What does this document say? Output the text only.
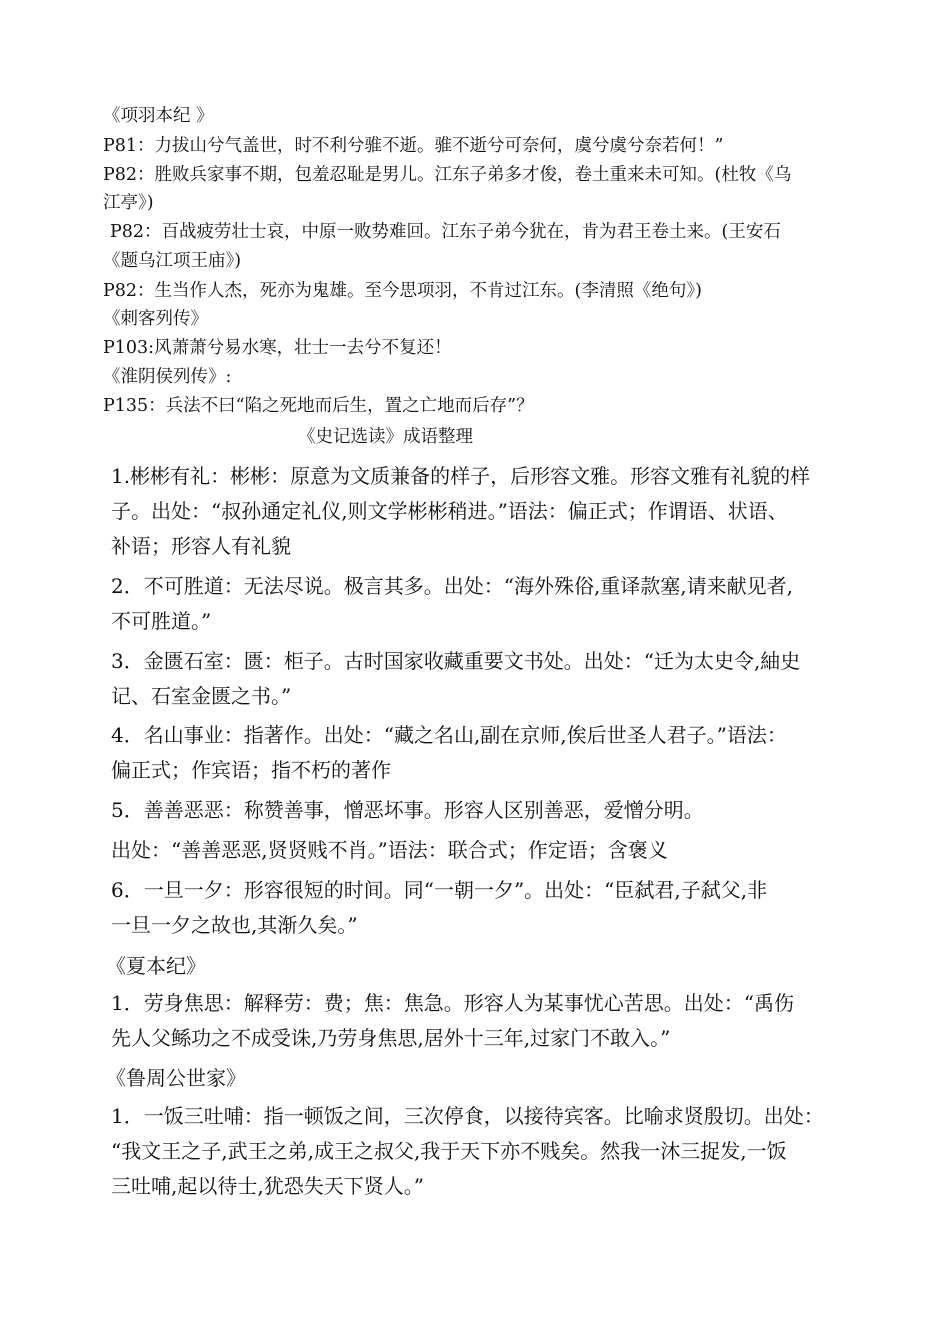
《项羽本纪 》

P81：力拔山兮气盖世，时不利兮骓不逝。骓不逝兮可奈何，虞兮虞兮奈若何！”

P82：胜败兵家事不期，包羞忍耻是男儿。江东子弟多才俊，卷土重来未可知。(杜牧《乌

江亭》)

P82：百战疲劳壮士哀，中原一败势难回。江东子弟今犹在，肯为君王卷土来。(王安石

《题乌江项王庙》)

P82：生当作人杰，死亦为鬼雄。至今思项羽，不肯过江东。(李清照《绝句》)

《刺客列传》

P103:风萧萧兮易水寒，壮士一去兮不复还！

《淮阴侯列传》:

P135：兵法不曰“陷之死地而后生，置之亡地而后存”？

《史记选读》成语整理

1.彬彬有礼：彬彬：原意为文质兼备的样子，后形容文雅。形容文雅有礼貌的样

子。出处：“叔孙通定礼仪,则文学彬彬稍进。”语法：偏正式；作谓语、状语、

补语；形容人有礼貌

2．不可胜道：无法尽说。极言其多。出处：“海外殊俗,重译款塞,请来献见者,

不可胜道。”

3．金匮石室：匮：柜子。古时国家收藏重要文书处。出处：“迁为太史令,紬史

记、石室金匮之书。”

4．名山事业：指著作。出处：“藏之名山,副在京师,俟后世圣人君子。”语法：

偏正式；作宾语；指不朽的著作

5．善善恶恶：称赞善事，憎恶坏事。形容人区别善恶，爱憎分明。

出处：“善善恶恶,贤贤贱不肖。”语法：联合式；作定语；含褒义

6．一旦一夕：形容很短的时间。同“一朝一夕”。出处：“臣弑君,子弑父,非

一旦一夕之故也,其渐久矣。”

《夏本纪》

1．劳身焦思：解释劳：费；焦：焦急。形容人为某事忧心苦思。出处：“禹伤

先人父鲧功之不成受诛,乃劳身焦思,居外十三年,过家门不敢入。”

《鲁周公世家》

1．一饭三吐哺：指一顿饭之间，三次停食，以接待宾客。比喻求贤殷切。出处：

“我文王之子,武王之弟,成王之叔父,我于天下亦不贱矣。然我一沐三捉发,一饭

三吐哺,起以待士,犹恐失天下贤人。”
